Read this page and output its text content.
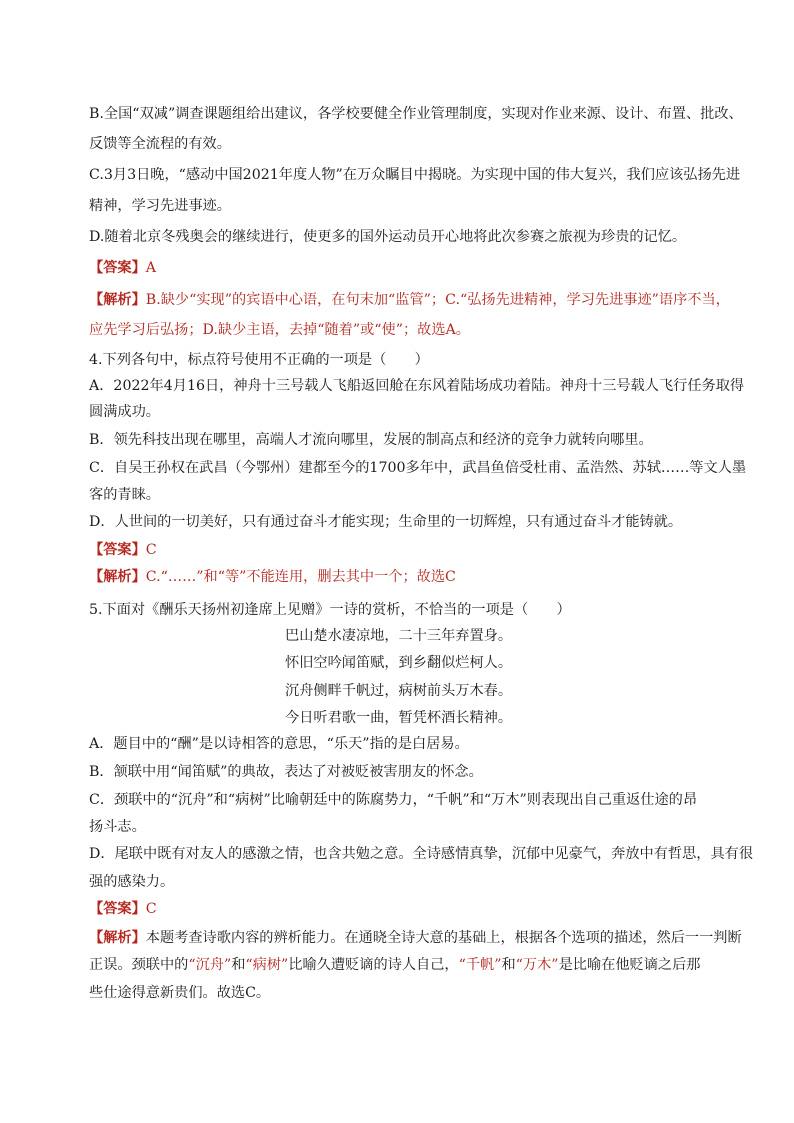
B.全国“双减”调查课题组给出建议，各学校要健全作业管理制度，实现对作业来源、设计、布置、批改、
反馈等全流程的有效。
C.3月3日晚，“感动中国2021年度人物”在万众瞩目中揭晓。为实现中国的伟大复兴，我们应该弘扬先进
精神，学习先进事迹。
D.随着北京冬残奥会的继续进行，使更多的国外运动员开心地将此次参赛之旅视为珍贵的记忆。
【答案】A
【解析】B.缺少“实现”的宾语中心语，在句末加“监管”；C.“弘扬先进精神，学习先进事迹”语序不当，
应先学习后弘扬；D.缺少主语，去掉“随着”或“使”；故选A。
4.下列各句中，标点符号使用不正确的一项是（　　）
A．2022年4月16日，神舟十三号载人飞船返回舱在东风着陆场成功着陆。神舟十三号载人飞行任务取得
圆满成功。
B．领先科技出现在哪里，高端人才流向哪里，发展的制高点和经济的竞争力就转向哪里。
C．自吴王孙权在武昌（今鄂州）建都至今的1700多年中，武昌鱼倍受杜甫、孟浩然、苏轼……等文人墨
客的青睐。
D．人世间的一切美好，只有通过奋斗才能实现；生命里的一切辉煌，只有通过奋斗才能铸就。
【答案】C
【解析】C.“……”和“等”不能连用，删去其中一个；故选C
5.下面对《酬乐天扬州初逢席上见赠》一诗的赏析，不恰当的一项是（　　）
巴山楚水凄凉地，二十三年弃置身。
怀旧空吟闻笛赋，到乡翻似烂柯人。
沉舟侧畔千帆过，病树前头万木春。
今日听君歌一曲，暂凭杯酒长精神。
A．题目中的“酬”是以诗相答的意思，“乐天”指的是白居易。
B．颔联中用“闻笛赋”的典故，表达了对被贬被害朋友的怀念。
C．颈联中的“沉舟”和“病树”比喻朝廷中的陈腐势力，“千帆”和“万木”则表现出自己重返仕途的昂
扬斗志。
D．尾联中既有对友人的感激之情，也含共勉之意。全诗感情真挚，沉郁中见豪气，奔放中有哲思，具有很
强的感染力。
【答案】C
【解析】本题考查诗歌内容的辨析能力。在通晓全诗大意的基础上，根据各个选项的描述，然后一一判断
正误。颈联中的“沉舟”和“病树”比喻久遭贬谪的诗人自己，“千帆”和“万木”是比喻在他贬谪之后那
些仕途得意新贵们。故选C。
